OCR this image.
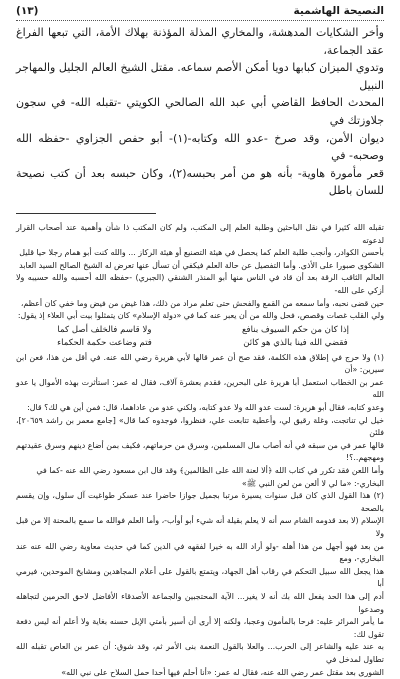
النصيحة الهاشمية
(١٣)

وأخر الشكايات المدهشة، والمخاري المذلة المؤذنة بهلاك الأمة، التي تبعها الفراغ عقد الجماعة،

وتدوي الميزان كبابها دويا أمكن الأصم سماعه. مقتل الشيخ العالم الجليل والمهاجر النبيل

المحدث الحافظ القاضي أبي عبد الله الصالحي الكويتي -تقبله الله- في سجون جلاوزتك في

ديوان الأمن، وقد صرخ -عدو الله وكتابه-(١)- أبو حفص الجزاوي -حفظه الله وصحبه- في

قعر مأمورة هاوية- بأنه هو من أمر بحبسه(٢)، وكان حبسه بعد أن كتب نصيحة للسان باطل

تقبله الله كثيرا في نقل الباحثين وطلبة العلم إلى المكتب، ولم كان المكتب ذا شأن وأهمية عند أصحاب القرار لدعوته

بأحسن الكوادر، وأنجب طلبة العلم كما يحصل في هيئة التصنيع أو هيئة الركاز ... والله كنت أبو همام رجلا حيا قليل

الشكوى صبورا على الأذى. وأما التفصيل عن حالة العلم فيكفي أن تسأل عنها تعرض له الشيخ الصالح السيد العابد

العالم الثاقب الرقة بعد أن قاد في الناس منها أبو المنذر الشنقي (الجبري) -حفظه الله أحسبه والله حسيبه ولا أزكي على الله-

حين قضى نحبه، وأما سمعه من القمع والفحش حتى تعلم مراد من ذلك، هذا غيض من فيض وما خفي كان أعظم،

ولي القلب غصات وقصص، فحل والله من أن يعبر عنه كما في «دولة الإسلام» كان يتمثلوا بيت أبي العلاء إذ يقول:

إذا كان من حكم السيوف بنافع
ولا قاسم فالخلف أصل كما
فقضي الله فينا بالذي هو كائن
فتم وضاعت حكمة الحكماء

(١) ولا حرج في إطلاق هذه الكلمة، فقد صح أن عمر قالها لأبي هريرة رضي الله عنه. في أقل من هذا، فعن ابن سيرين: «أن

عمر بن الخطاب استعمل أبا هريرة على البحرين، فقدم بعشرة آلاف، فقال له عمر: استأثرت بهذه الأموال يا عدو الله

وعدو كتابه، فقال أبو هريرة: لست عدو الله ولا عدو كتابه، ولكني عدو من عاداهما، قال: فمن أين هي لك؟ قال:

خيل لي تناتجت، وغلة رقيق لي، وأعطية تتابعت علي، فنظروا، فوجدوه كما قال» [جامع معمر بن راشد ٢٠٦٥٩]، فلئن

قالها عمر في من سبقه في أنه أصاب مال المسلمين، وسرق من حرماتهم، فكيف بمن أضاع دينهم وسرق عقيدتهم ومهجهم..؟!

وأما اللعن فقد تكرر في كتاب الله ﴿ألا لعنة الله على الظالمين﴾ وقد قال ابن مسعود رضي الله عنه -كما في

البخاري-: «ما لي لا ألعن من لعن النبي ﷺ»

(٢) هذا القول الذي كان قبل سنوات يسيرة مرتبا بجميل جوازا حاضرا عند عسكر طواغيت آل سلول، وإن يقسم بالصحة

الإسلام (لا بعد قدومه الشام سم أنه لا يعلم بقيلة أنه شيء أبو أوأب-، وأما العلم فوالله ما سمع بالمحنة إلا من قبل ولا

من بعد فهو أجهل من هذا أهله -ولو أراد الله به خيرا لفقهه في الدين كما في حديث معاوية رضي الله عنه عند البخاري-، ومع

هذا يجعل الله سبيل التحكم في رقاب أهل الجهاد، ويتمتع بالقول على أعلام المجاهدين ومشايخ الموحدين، فيرمي أبا

أدم إلى هذا الحد يفعل الله بك أنه لا يغير... الآية المحتجبين والجماعة الأصدقاء الأفاضل لاحق الحرمين لتجاهله وصدعوا

ما يأمر المرائر عليه: فرحا بالمأمون وعجبا، ولكنه إلا أرى أن أسير بأمتي الإبل حسنه بغاية ولا أعلم أنه ليس دفعة تقول لك:

به عند عليه والشاعر إلى الحرب... والعلا بالقول النعمة بنى الأمر ثم، وقد شوق: أن عمر بن العاص تقبله الله تطاول لمدخل في

الشورى بعد مقتل عمر رضي الله عنه، فقال له عمر: «أنا أحلم فيها أحدا حمل السلاح على نبي الله»
